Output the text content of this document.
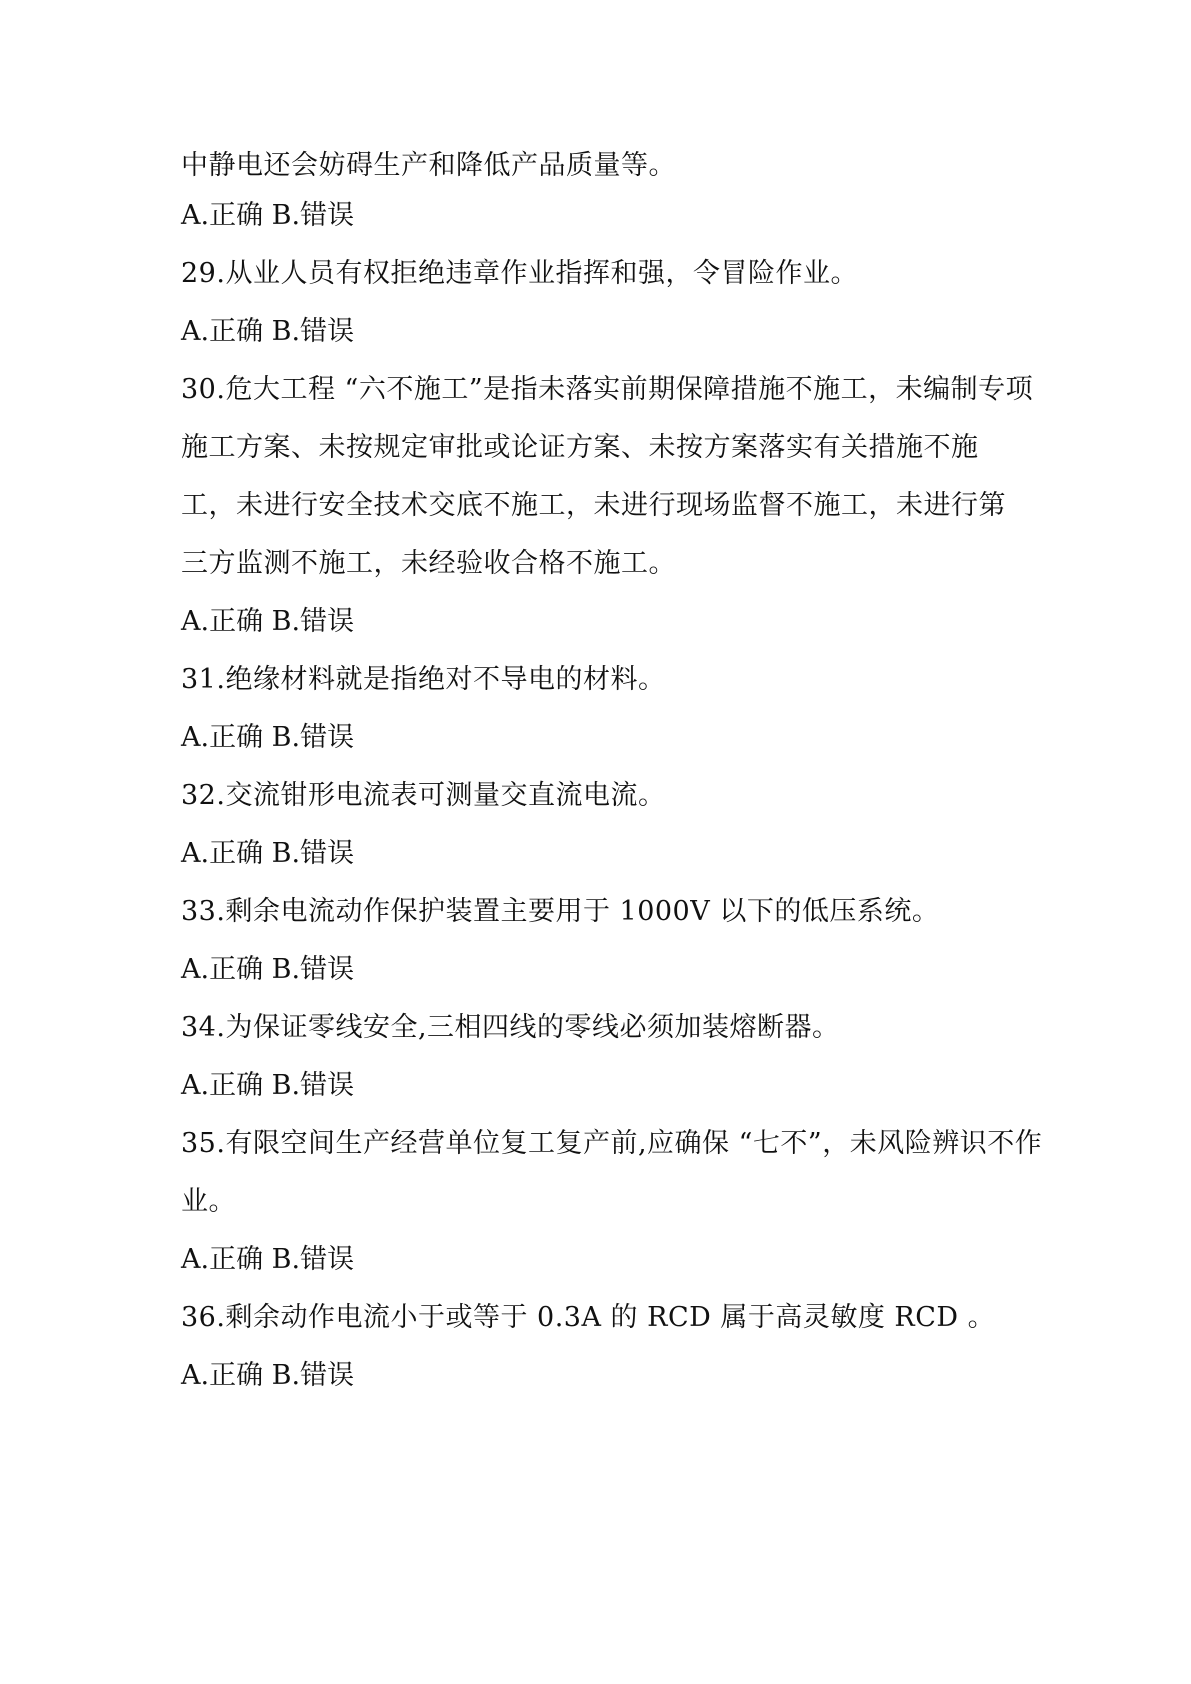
中静电还会妨碍生产和降低产品质量等。
A.正确 B.错误
29.从业人员有权拒绝违章作业指挥和强，令冒险作业。
A.正确 B.错误
30.危大工程 “六不施工”是指未落实前期保障措施不施工，未编制专项
施工方案、未按规定审批或论证方案、未按方案落实有关措施不施
工，未进行安全技术交底不施工，未进行现场监督不施工，未进行第
三方监测不施工，未经验收合格不施工。
A.正确 B.错误
31.绝缘材料就是指绝对不导电的材料。
A.正确 B.错误
32.交流钳形电流表可测量交直流电流。
A.正确 B.错误
33.剩余电流动作保护装置主要用于 1000V 以下的低压系统。
A.正确 B.错误
34.为保证零线安全,三相四线的零线必须加装熔断器。
A.正确 B.错误
35.有限空间生产经营单位复工复产前,应确保 “七不”，未风险辨识不作
业。
A.正确 B.错误
36.剩余动作电流小于或等于 0.3A 的 RCD 属于高灵敏度 RCD 。
A.正确 B.错误
